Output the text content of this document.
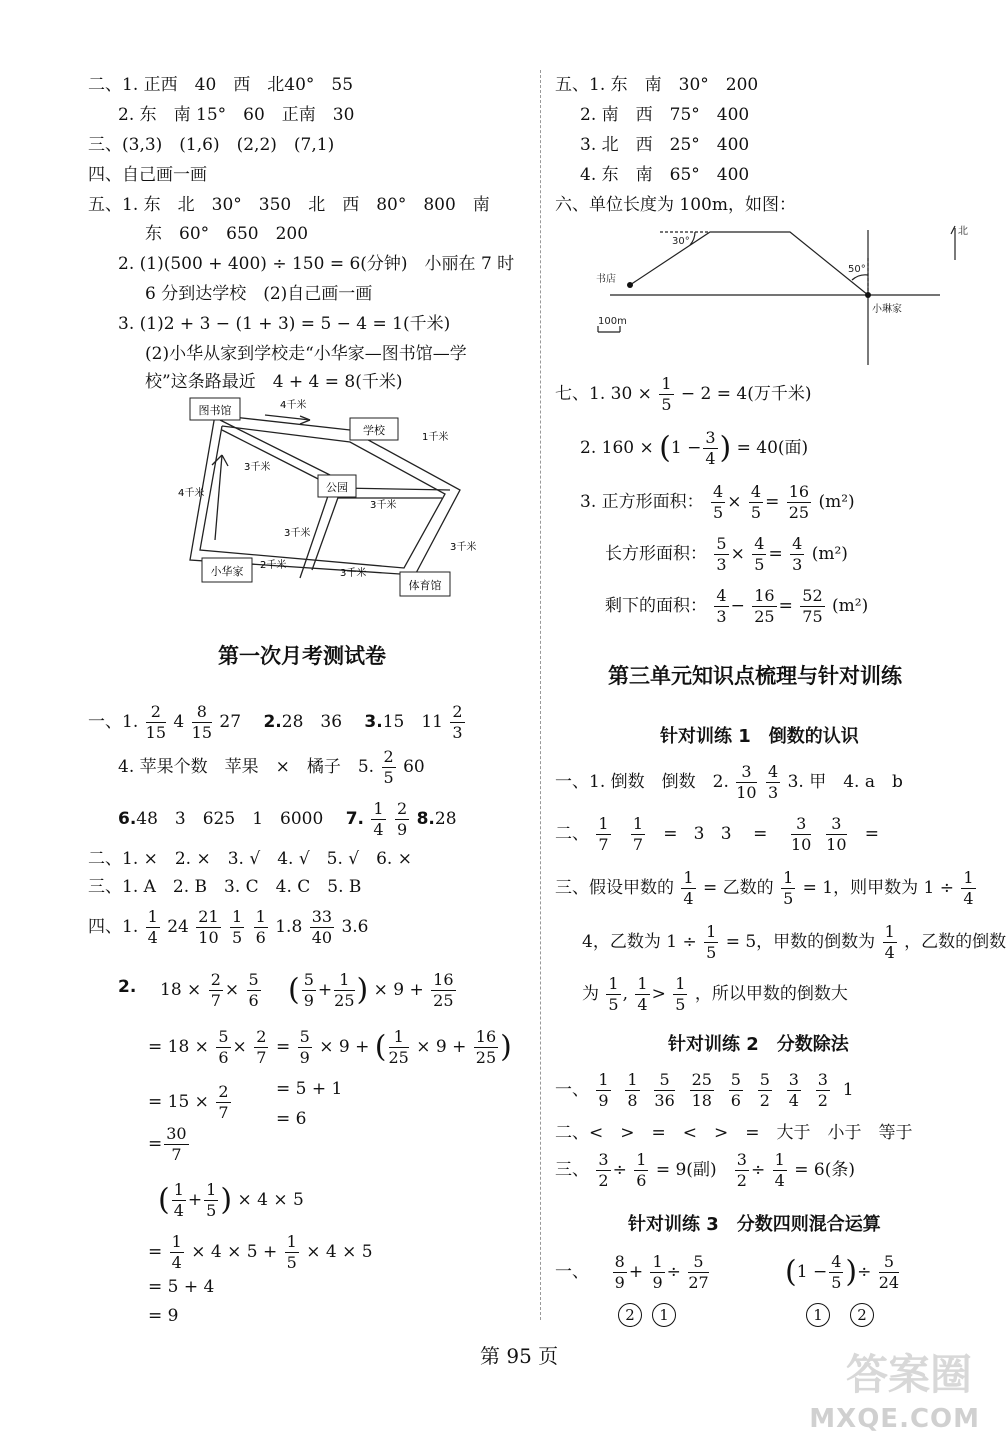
二、1. 正西　40　西　北40°　55
2. 东　南 15°　60　正南　30
三、(3,3)　(1,6)　(2,2)　(7,1)
四、自己画一画
五、1. 东　北　30°　350　北　西　80°　800　南
东　60°　650　200
2. (1)(500 + 400) ÷ 150 = 6(分钟)　小丽在 7 时
6 分到达学校　(2)自己画一画
3. (1)2 + 3 − (1 + 3) = 5 − 4 = 1(千米)
(2)小华从家到学校走“小华家—图书馆—学
校”这条路最近　4 + 4 = 8(千米)
图书馆
学校
公园
小华家
体育馆
4千米
1千米
3千米
3千米
4千米
3千米
2千米
3千米
3千米
第一次月考测试卷
一、1. $\frac{2}{15} 4 \frac{8}{15} 27$　 2.28　36　 3.15　$11 \frac{2}{3}$
4. 苹果个数　苹果　×　橘子　5. $\frac{2}{5} 60$
6.48　3　625　1　6000　 7. $\frac{1}{4}$
$\frac{2}{9} 8.28$
二、1. ×　2. ×　3. √　4. √　5. √　6. ×
三、1. A　2. B　3. C　4. C　5. B
四、1. $\frac{1}{4} 24 \frac{21}{10}$
$\frac{1}{5}$
$\frac{1}{6} 1.8 \frac{33}{40} 3.6$
2. $18 \times \frac{2}{7} \times \frac{5}{6}$ ( $\frac{5}{9} + \frac{1}{25}$ ) × $9 + \frac{16}{25}$
= $18 \times \frac{5}{6} \times \frac{2}{7} = \frac{5}{9} \times 9$ + ( $\frac{1}{25} \times 9 + \frac{16}{25}$ )
= $15 \times \frac{2}{7}$	= 5 + 1
= 6
= $\frac{30}{7}$
( $\frac{1}{4} + \frac{1}{5}$ ) × 4 × 5
= $\frac{1}{4} \times 4 \times 5 + \frac{1}{5} \times 4 \times 5$
= 5 + 4
= 9
五、1. 东　南　30°　200
2. 南　西　75°　400
3. 北　西　25°　400
4. 东　南　65°　400
六、单位长度为 100m，如图：
书店
小琳家
北
30°
50°
100m
七、1. $30 \times \frac{1}{5} - 2 = 4$(万千米)
2. $160 \times (1 - \frac{3}{4}$ ) = 40(面)
3. 正方形面积： $\frac{4}{5} \times \frac{4}{5} = \frac{16}{25} (m^2)$
长方形面积： $\frac{5}{3} \times \frac{4}{5} = \frac{4}{3} (m^2)$
剩下的面积： $\frac{4}{3} - \frac{16}{25} = \frac{52}{75} (m^2)$
第三单元知识点梳理与针对训练
针对训练 1　倒数的认识
一、1. 倒数　倒数　2. $\frac{3}{10}$
$\frac{4}{3} 3$. 甲　4. a　b
二、 $\frac{1}{7}$
$\frac{1}{7} = 3$   3    = $\frac{3}{10}$
$\frac{3}{10}$ =
三、假设甲数的 $\frac{1}{4}$ = 乙数的 $\frac{1}{5} = 1$，则甲数为 $1 \div \frac{1}{4}$
4，乙数为 $1 \div \frac{1}{5} = 5$，甲数的倒数为 $\frac{1}{4}$ ，乙数的倒数
为 $\frac{1}{5}$ , $\frac{1}{4} > \frac{1}{5}$ ，所以甲数的倒数大
针对训练 2　分数除法
一、 $\frac{1}{9}$
$\frac{1}{8}$
$\frac{5}{36}$
$\frac{25}{18}$
$\frac{5}{6}$
$\frac{5}{2}$
$\frac{3}{4}$
$\frac{3}{2} 1$
二、<　>　=　<　>　=　大于　小于　等于
三、 $\frac{3}{2} \div \frac{1}{6} = 9$(副) $\frac{3}{2} \div \frac{1}{4} = 6$(条)
针对训练 3　分数四则混合运算
一、 $\frac{8}{9} + \frac{1}{9} \div \frac{5}{27}$	($1 - \frac{4}{5}$ )÷ $\frac{5}{24}$
2 1	1 2
第 95 页	答案圈
MXQE.COM
